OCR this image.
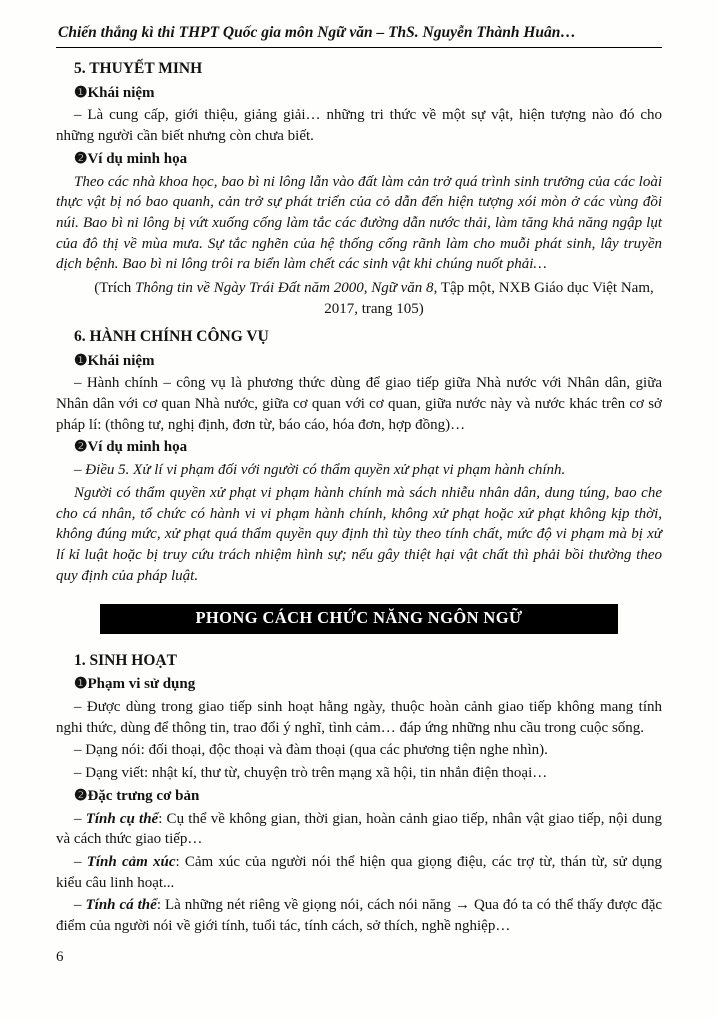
Chiến thắng kì thi THPT Quốc gia môn Ngữ văn – ThS. Nguyễn Thành Huân…
5. THUYẾT MINH
❶Khái niệm

– Là cung cấp, giới thiệu, giảng giải… những tri thức về một sự vật, hiện tượng nào đó cho những người cần biết nhưng còn chưa biết.

❷Ví dụ minh họa

Theo các nhà khoa học, bao bì ni lông lẫn vào đất làm cản trở quá trình sinh trưởng của các loài thực vật bị nó bao quanh, cản trở sự phát triển của cỏ dẫn đến hiện tượng xói mòn ở các vùng đồi núi. Bao bì ni lông bị vứt xuống cống làm tắc các đường dẫn nước thải, làm tăng khả năng ngập lụt của đô thị về mùa mưa. Sự tắc nghẽn của hệ thống cống rãnh làm cho muỗi phát sinh, lây truyền dịch bệnh. Bao bì ni lông trôi ra biển làm chết các sinh vật khi chúng nuốt phải…

(Trích Thông tin về Ngày Trái Đất năm 2000, Ngữ văn 8, Tập một, NXB Giáo dục Việt Nam, 2017, trang 105)

6. HÀNH CHÍNH CÔNG VỤ
❶Khái niệm

– Hành chính – công vụ là phương thức dùng để giao tiếp giữa Nhà nước với Nhân dân, giữa Nhân dân với cơ quan Nhà nước, giữa cơ quan với cơ quan, giữa nước này và nước khác trên cơ sở pháp lí: (thông tư, nghị định, đơn từ, báo cáo, hóa đơn, hợp đồng)…

❷Ví dụ minh họa

– Điều 5. Xử lí vi phạm đối với người có thẩm quyền xử phạt vi phạm hành chính.

Người có thẩm quyền xử phạt vi phạm hành chính mà sách nhiễu nhân dân, dung túng, bao che cho cá nhân, tổ chức có hành vi vi phạm hành chính, không xử phạt hoặc xử phạt không kịp thời, không đúng mức, xử phạt quá thẩm quyền quy định thì tùy theo tính chất, mức độ vi phạm mà bị xử lí kỉ luật hoặc bị truy cứu trách nhiệm hình sự; nếu gây thiệt hại vật chất thì phải bồi thường theo quy định của pháp luật.

PHONG CÁCH CHỨC NĂNG NGÔN NGỮ
1. SINH HOẠT
❶Phạm vi sử dụng

– Được dùng trong giao tiếp sinh hoạt hằng ngày, thuộc hoàn cảnh giao tiếp không mang tính nghi thức, dùng để thông tin, trao đổi ý nghĩ, tình cảm… đáp ứng những nhu cầu trong cuộc sống.

– Dạng nói: đối thoại, độc thoại và đàm thoại (qua các phương tiện nghe nhìn).

– Dạng viết: nhật kí, thư từ, chuyện trò trên mạng xã hội, tin nhắn điện thoại…

❷Đặc trưng cơ bản

– Tính cụ thể: Cụ thể về không gian, thời gian, hoàn cảnh giao tiếp, nhân vật giao tiếp, nội dung và cách thức giao tiếp…

– Tính cảm xúc: Cảm xúc của người nói thể hiện qua giọng điệu, các trợ từ, thán từ, sử dụng kiểu câu linh hoạt...

– Tính cá thể: Là những nét riêng về giọng nói, cách nói năng → Qua đó ta có thể thấy được đặc điểm của người nói về giới tính, tuổi tác, tính cách, sở thích, nghề nghiệp…

6
